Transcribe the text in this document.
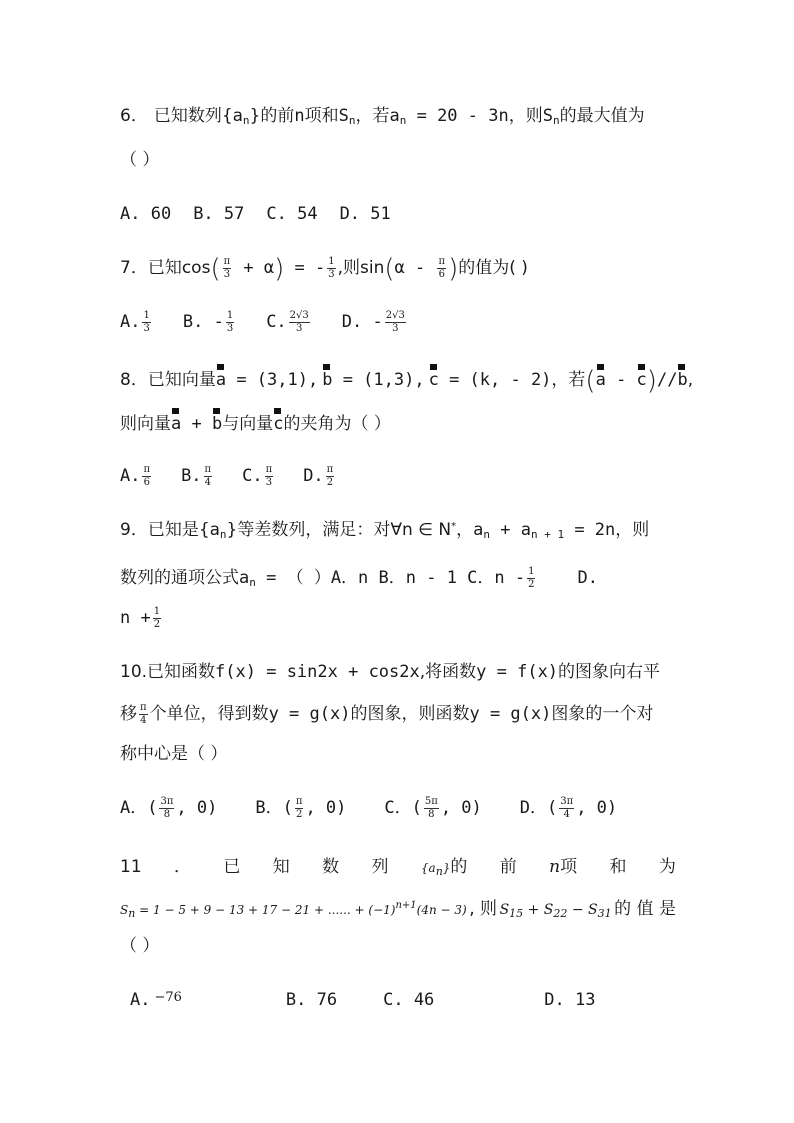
6． 已知数列$\{a_n\}$的前n项和$S_n$，若$a_n = 20 - 3n$，则$S_n$的最大值为
（ ）
A. 60 B. 57 C. 54 D. 51
7．已知$\cos( \frac{\pi}{3} + \alpha)$ = - $\frac{1}{3}$ ,则$\sin(\alpha - \frac{\pi}{6}$ )的值为( )
A. $\frac{1}{3} B$. - $\frac{1}{3} C$. $\frac{2√3}{3} D$. - $\frac{2√3}{3}$
8．已知向量a = (3,1), b = (1,3), c = (k, - 2)，若(a - c)//b,
则向量a + b与向量c的夹角为（ ）
A. $\frac{\pi}{6} B$. $\frac{\pi}{4} C$. $\frac{\pi}{3} D$. $\frac{\pi}{2}$
9．已知是$\{a_n\}$等差数列，满足：对∀n ∈ N*，$a_n + a_{n + 1} = 2n$，则
数列的通项公式$a_n$ = （ ）A．n B．n - 1 C．n - $\frac{1}{2} D$.
$n + \frac{1}{2}$
10.已知函数f(x) = sin2x + cos2x,将函数y = f(x)的图象向右平
移 $\frac{\pi}{4}$ 个单位，得到数y = g(x)的图象，则函数y = g(x)图象的一个对
称中心是（ ）
A．( $\frac{3\pi}{8}$ , 0) B．( $\frac{\pi}{2}$ , 0) C．( $\frac{5\pi}{8}$ , 0) D．( $\frac{3\pi}{4}$ , 0)
11 ． 已 知 数 列	{an}的 前 n项 和 为
Sn = 1 − 5 + 9 − 13 + 17 − 21 + ...... + $(-1)^{n+1}(4n - 3)$ , 则 $S_{15} + S_{22} - S_{31}$ 的 值 是
（ ）
A. $^{-76}$	B. 76	C. 46	D. 13
